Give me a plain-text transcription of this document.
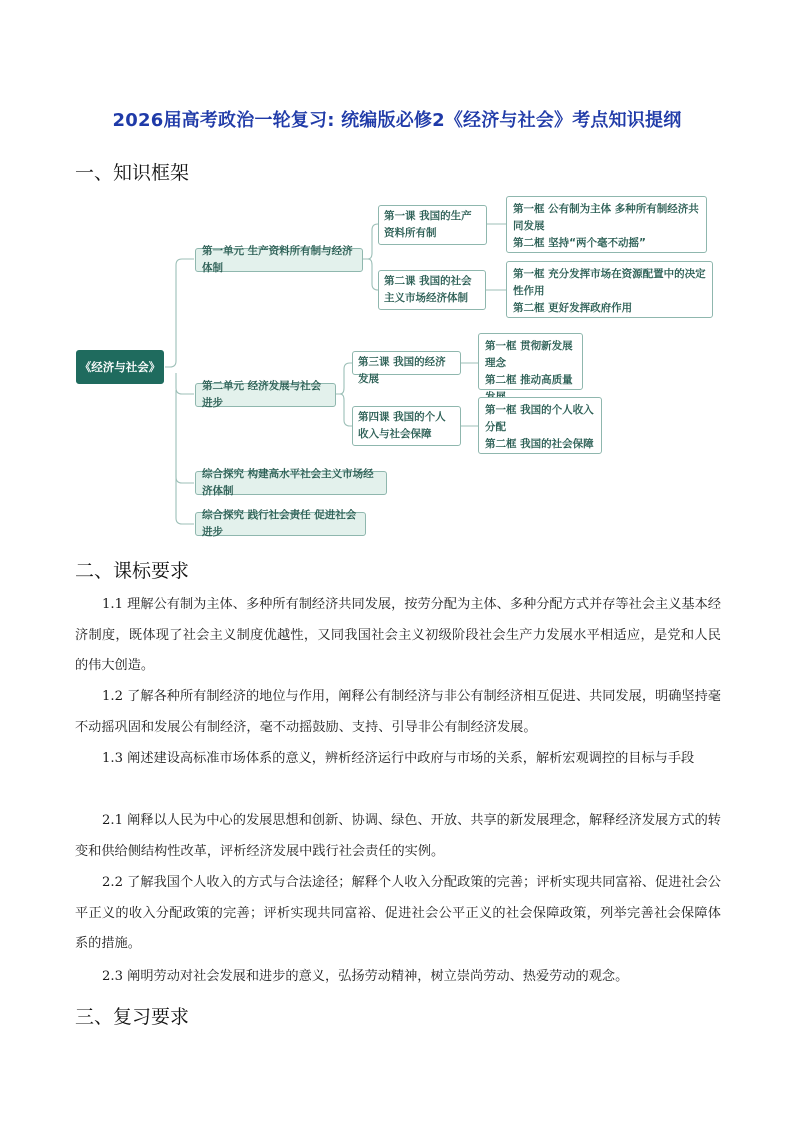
2026届高考政治一轮复习: 统编版必修2《经济与社会》考点知识提纲
一、知识框架
《经济与社会》
第一单元 生产资料所有制与经济体制
第二单元 经济发展与社会进步
综合探究 构建高水平社会主义市场经济体制
综合探究 践行社会责任 促进社会进步
第一课 我国的生产资料所有制
第二课 我国的社会主义市场经济体制
第三课 我国的经济发展
第四课 我国的个人收入与社会保障
第一框 公有制为主体 多种所有制经济共同发展
第二框 坚持“两个毫不动摇”
第一框 充分发挥市场在资源配置中的决定性作用
第二框 更好发挥政府作用
第一框 贯彻新发展理念
第二框 推动高质量
第一框 我国的个人收入分配
第二框 我国的社会保障
二、课标要求

1.1 理解公有制为主体、多种所有制经济共同发展，按劳分配为主体、多种分配方式并存等社会主义基本经济制度，既体现了社会主义制度优越性，又同我国社会主义初级阶段社会生产力发展水平相适应，是党和人民的伟大创造。

1.2 了解各种所有制经济的地位与作用，阐释公有制经济与非公有制经济相互促进、共同发展，明确坚持毫不动摇巩固和发展公有制经济，毫不动摇鼓励、支持、引导非公有制经济发展。

1.3 阐述建设高标准市场体系的意义，辨析经济运行中政府与市场的关系，解析宏观调控的目标与手段

2.1 阐释以人民为中心的发展思想和创新、协调、绿色、开放、共享的新发展理念，解释经济发展方式的转变和供给侧结构性改革，评析经济发展中践行社会责任的实例。

2.2 了解我国个人收入的方式与合法途径；解释个人收入分配政策的完善；评析实现共同富裕、促进社会公平正义的收入分配政策的完善；评析实现共同富裕、促进社会公平正义的社会保障政策，列举完善社会保障体系的措施。

2.3 阐明劳动对社会发展和进步的意义，弘扬劳动精神，树立崇尚劳动、热爱劳动的观念。

三、复习要求
